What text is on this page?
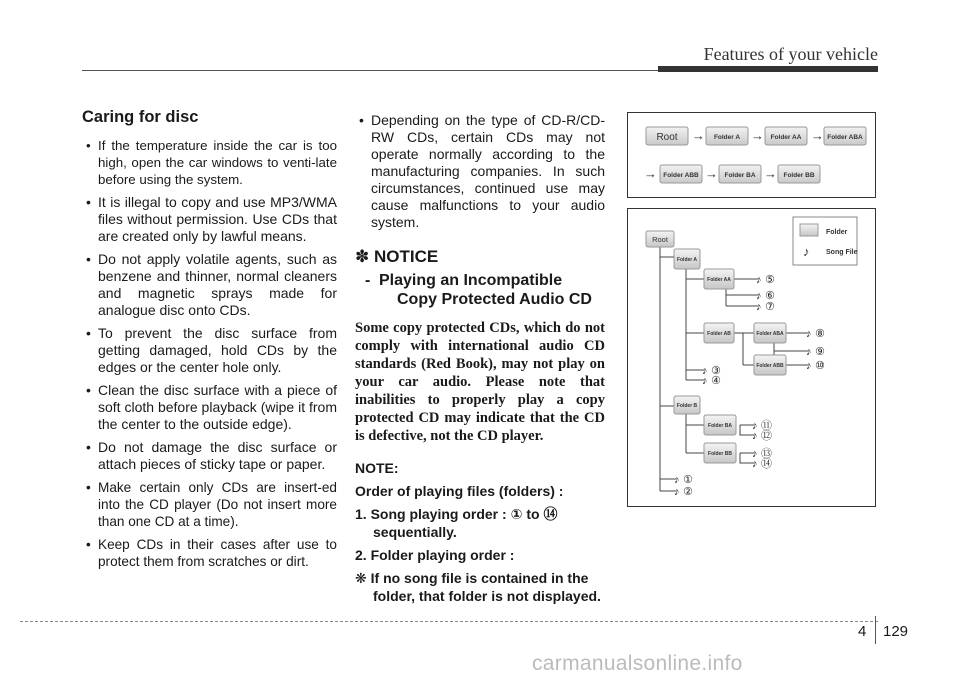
Features of your vehicle
Caring for disc
• If the temperature inside the car is too high, open the car windows to venti-late before using the system.
• It is illegal to copy and use MP3/WMA files without permission. Use CDs that are created only by lawful means.
• Do not apply volatile agents, such as benzene and thinner, normal cleaners and magnetic sprays made for analogue disc onto CDs.
• To prevent the disc surface from getting damaged, hold CDs by the edges or the center hole only.
• Clean the disc surface with a piece of soft cloth before playback (wipe it from the center to the outside edge).
• Do not damage the disc surface or attach pieces of sticky tape or paper.
• Make certain only CDs are insert-ed into the CD player (Do not insert more than one CD at a time).
• Keep CDs in their cases after use to protect them from scratches or dirt.
• Depending on the type of CD-R/CD-RW CDs, certain CDs may not operate normally according to the manufacturing companies. In such circumstances, continued use may cause malfunctions to your audio system.
✽ NOTICE
- Playing an Incompatible
Copy Protected Audio CD

Some copy protected CDs, which do not comply with international audio CD standards (Red Book), may not play on your car audio. Please note that inabilities to properly play a copy protected CD may indicate that the CD is defective, not the CD player.

NOTE:

Order of playing files (folders) :

1. Song playing order : ① to ⑭
sequentially.

2. Folder playing order :

❋ If no song file is contained in the
folder, that folder is not displayed.

Root → Folder A → Folder AA → Folder ABA
→ Folder ABB → Folder BA → Folder BB
Folder
♪ Song File
Root
Folder A
Folder AA
Folder AB	Folder ABA
Folder ABB
Folder B
Folder BA
Folder BB
♪ ⑤
♪ ⑥
♪ ⑦
♪ ⑧
♪ ⑨
♪ ⑩
♪ ③
♪ ④
♪ ⑪
♪ ⑫
♪ ⑬
♪ ⑭
♪ ①
♪ ②
4 129
carmanualsonline.info
